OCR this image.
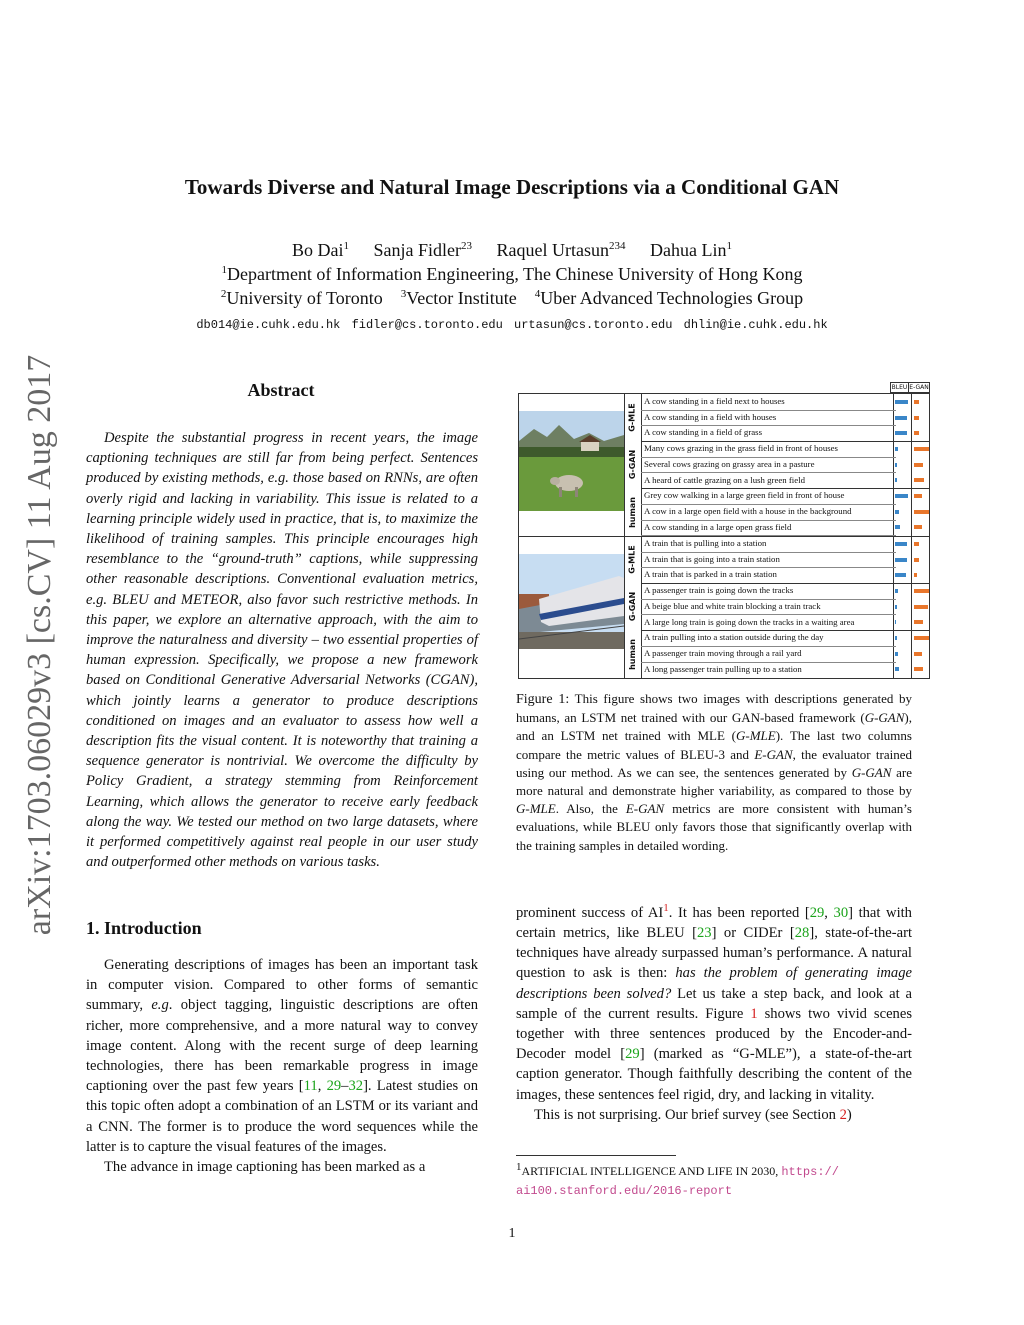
arXiv:1703.06029v3 [cs.CV] 11 Aug 2017
Towards Diverse and Natural Image Descriptions via a Conditional GAN
Bo Dai$^1$ Sanja Fidler$^{23}$ Raquel Urtasun$^{234}$ Dahua Lin$^1$
$^1$Department of Information Engineering, The Chinese University of Hong Kong
$^2$University of Toronto $^3$Vector Institute $^4$Uber Advanced Technologies Group
db014@ie.cuhk.edu.hk fidler@cs.toronto.edu urtasun@cs.toronto.edu dhlin@ie.cuhk.edu.hk
Abstract
Despite the substantial progress in recent years, the image captioning techniques are still far from being perfect. Sentences produced by existing methods, e.g. those based on RNNs, are often overly rigid and lacking in variability. This issue is related to a learning principle widely used in practice, that is, to maximize the likelihood of training samples. This principle encourages high resemblance to the “ground-truth” captions, while suppressing other reasonable descriptions. Conventional evaluation metrics, e.g. BLEU and METEOR, also favor such restrictive methods. In this paper, we explore an alternative approach, with the aim to improve the naturalness and diversity – two essential properties of human expression. Specifically, we propose a new framework based on Conditional Generative Adversarial Networks (CGAN), which jointly learns a generator to produce descriptions conditioned on images and an evaluator to assess how well a description fits the visual content. It is noteworthy that training a sequence generator is nontrivial. We overcome the difficulty by Policy Gradient, a strategy stemming from Reinforcement Learning, which allows the generator to receive early feedback along the way. We tested our method on two large datasets, where it performed competitively against real people in our user study and outperformed other methods on various tasks.
1. Introduction

Generating descriptions of images has been an important task in computer vision. Compared to other forms of semantic summary, e.g. object tagging, linguistic descriptions are often richer, more comprehensive, and a more natural way to convey image content. Along with the recent surge of deep learning technologies, there has been remarkable progress in image captioning over the past few years [11, 29–32]. Latest studies on this topic often adopt a combination of an LSTM or its variant and a CNN. The former is to produce the word sequences while the latter is to capture the visual features of the images.

The advance in image captioning has been marked as a

BLEU E-GAN
G-MLE
G-GAN
human
G-MLE
G-GAN
human
A cow standing in a field next to houses
A cow standing in a field with houses
A cow standing in a field of grass
Many cows grazing in the grass field in front of houses
Several cows grazing on grassy area in a pasture
A heard of cattle grazing on a lush green field
Grey cow walking in a large green field in front of house
A cow in a large open field with a house in the background
A cow standing in a large open grass field
A train that is pulling into a station
A train that is going into a train station
A train that is parked in a train station
A passenger train is going down the tracks
A beige blue and white train blocking a train track
A large long train is going down the tracks in a waiting area
A train pulling into a station outside during the day
A passenger train moving through a rail yard
A long passenger train pulling up to a station
Figure 1: This figure shows two images with descriptions generated by humans, an LSTM net trained with our GAN-based framework (G-GAN), and an LSTM net trained with MLE (G-MLE). The last two columns compare the metric values of BLEU-3 and E-GAN, the evaluator trained using our method. As we can see, the sentences generated by G-GAN are more natural and demonstrate higher variability, as compared to those by G-MLE. Also, the E-GAN metrics are more consistent with human’s evaluations, while BLEU only favors those that significantly overlap with the training samples in detailed wording.

prominent success of AI$^1$. It has been reported [29, 30] that with certain metrics, like BLEU [23] or CIDEr [28], state-of-the-art techniques have already surpassed human’s performance. A natural question to ask is then: has the problem of generating image descriptions been solved? Let us take a step back, and look at a sample of the current results. Figure 1 shows two vivid scenes together with three sentences produced by the Encoder-and-Decoder model [29] (marked as “G-MLE”), a state-of-the-art caption generator. Though faithfully describing the content of the images, these sentences feel rigid, dry, and lacking in vitality.

This is not surprising. Our brief survey (see Section 2)

$^1$ARTIFICIAL INTELLIGENCE AND LIFE IN 2030, https://
ai100.stanford.edu/2016-report
1
